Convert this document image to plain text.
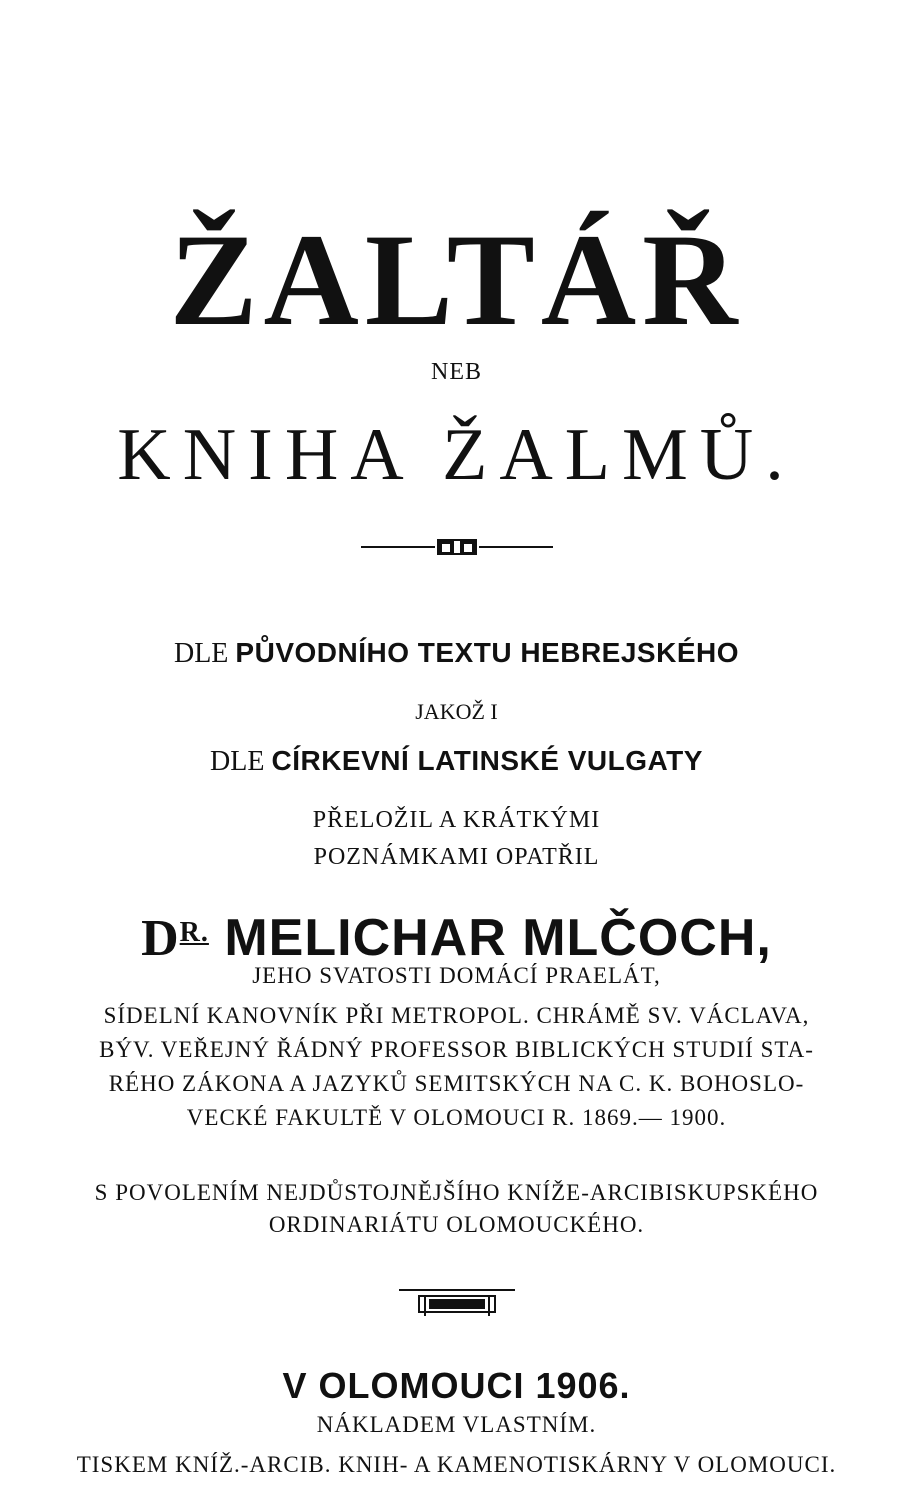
ŽALTÁŘ
NEB
KNIHA ŽALMŮ.
DLE PŮVODNÍHO TEXTU HEBREJSKÉHO
JAKOŽ I
DLE CÍRKEVNÍ LATINSKÉ VULGATY
PŘELOŽIL A KRÁTKÝMI
POZNÁMKAMI OPATŘIL
$D^{R.}$ MELICHAR MLČOCH,
JEHO SVATOSTI DOMÁCÍ PRAELÁT,
SÍDELNÍ KANOVNÍK PŘI METROPOL. CHRÁMĚ SV. VÁCLAVA,
BÝV. VEŘEJNÝ ŘÁDNÝ PROFESSOR BIBLICKÝCH STUDIÍ STA-
RÉHO ZÁKONA A JAZYKŮ SEMITSKÝCH NA C. K. BOHOSLO-
VECKÉ FAKULTĚ V OLOMOUCI R. 1869.— 1900.
S POVOLENÍM NEJDŮSTOJNĚJŠÍHO KNÍŽE-ARCIBISKUPSKÉHO
ORDINARIÁTU OLOMOUCKÉHO.
V OLOMOUCI 1906.
NÁKLADEM VLASTNÍM.
TISKEM KNÍŽ.-ARCIB. KNIH- A KAMENOTISKÁRNY V OLOMOUCI.
